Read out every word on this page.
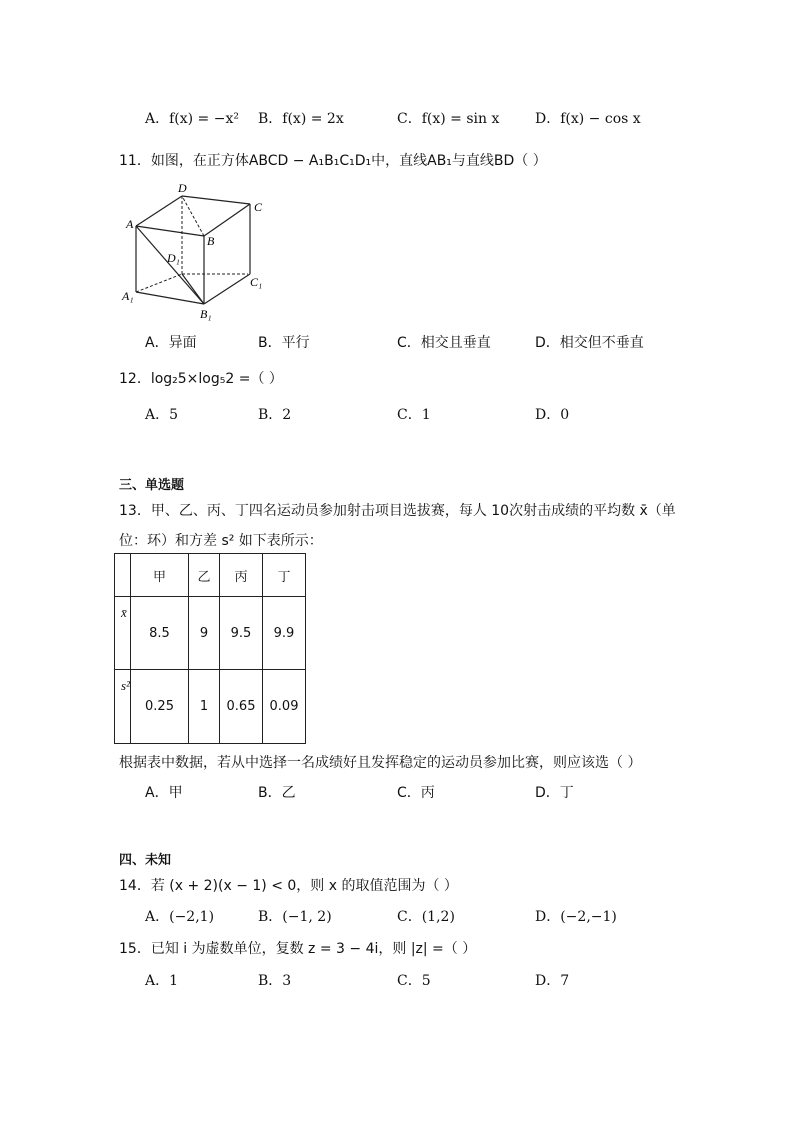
A．f(x) = −x² B．f(x) = 2x	C．f(x) = sin x	D．f(x) − cos x
11．如图，在正方体ABCD − A₁B₁C₁D₁中，直线AB₁与直线BD（ ）
D
C
A
B
D₁
C₁
A₁
B₁
A．异面	B．平行	C．相交且垂直	D．相交但不垂直
12．log₂5×log₅2 =（ ）
A．5	B．2	C．1	D．0
三、单选题
13．甲、乙、丙、丁四名运动员参加射击项目选拔赛，每人 10次射击成绩的平均数 x̄（单
位：环）和方差 s² 如下表所示：
	甲	乙	丙	丁

x̄	8.5	9	9.5	9.9

s²	0.25	1	0.65	0.09
根据表中数据，若从中选择一名成绩好且发挥稳定的运动员参加比赛，则应该选（ ）
A．甲	B．乙	C．丙	D．丁
四、未知
14．若 (x + 2)(x − 1) < 0，则 x 的取值范围为（ ）
A．(−2,1)	B．(−1, 2)	C．(1,2)	D．(−2,−1)
15．已知 i 为虚数单位，复数 z = 3 − 4i，则 |z| =（ ）
A．1	B．3	C．5	D．7
